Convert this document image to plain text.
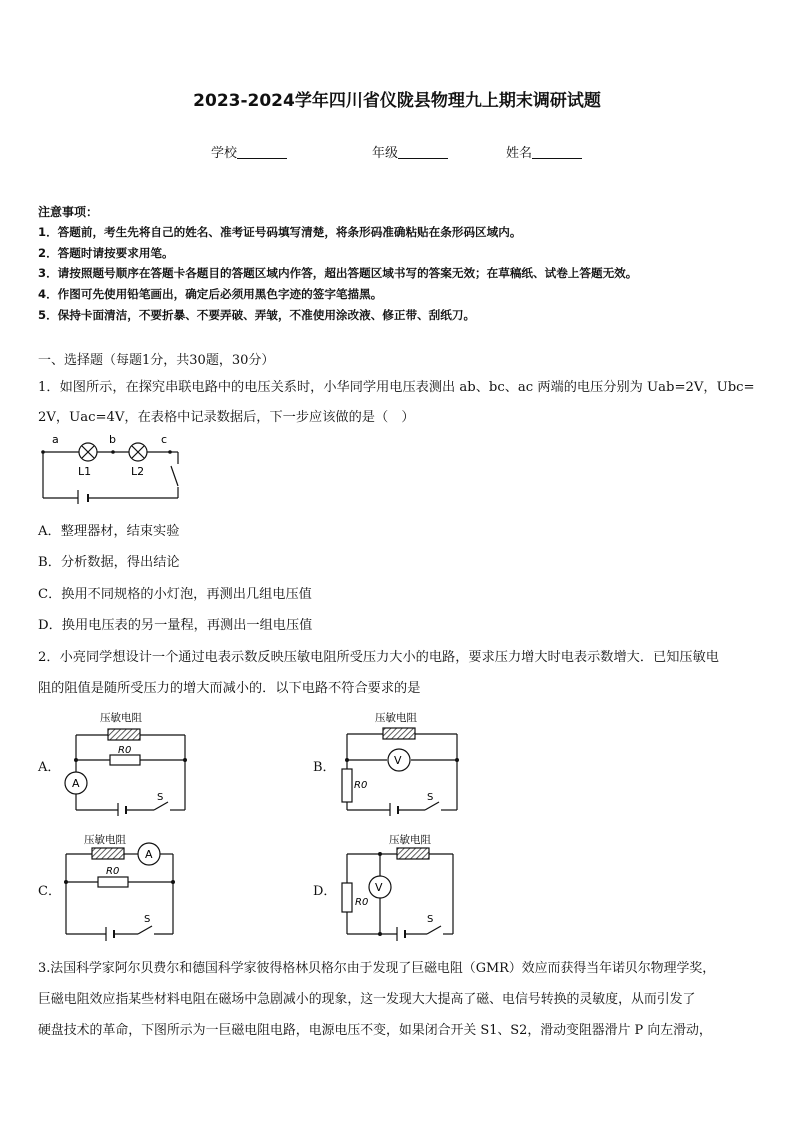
2023-2024学年四川省仪陇县物理九上期末调研试题
学校	年级	姓名
注意事项：
1．答题前，考生先将自己的姓名、准考证号码填写清楚，将条形码准确粘贴在条形码区域内。
2．答题时请按要求用笔。
3．请按照题号顺序在答题卡各题目的答题区域内作答，超出答题区域书写的答案无效；在草稿纸、试卷上答题无效。
4．作图可先使用铅笔画出，确定后必须用黑色字迹的签字笔描黑。
5．保持卡面清洁，不要折暴、不要弄破、弄皱，不准使用涂改液、修正带、刮纸刀。
一、选择题（每题1分，共30题，30分）
1．如图所示，在探究串联电路中的电压关系时，小华同学用电压表测出 ab、bc、ac 两端的电压分别为 Uab=2V，Ubc=
2V，Uac=4V，在表格中记录数据后，下一步应该做的是（　）
a	b	c
L1	L2
A．整理器材，结束实验
B．分析数据，得出结论
C．换用不同规格的小灯泡，再测出几组电压值
D．换用电压表的另一量程，再测出一组电压值
2．小亮同学想设计一个通过电表示数反映压敏电阻所受压力大小的电路，要求压力增大时电表示数增大．已知压敏电
阻的阻值是随所受压力的增大而减小的．以下电路不符合要求的是
A．	B．
C．	D．
压敏电阻
R0
A
S
压敏电阻
V
R0
S
压敏电阻
A
R0
S
压敏电阻
V
R0
S
3.法国科学家阿尔贝费尔和德国科学家彼得格林贝格尔由于发现了巨磁电阻（GMR）效应而获得当年诺贝尔物理学奖，
巨磁电阻效应指某些材料电阻在磁场中急剧减小的现象，这一发现大大提高了磁、电信号转换的灵敏度，从而引发了
硬盘技术的革命，下图所示为一巨磁电阻电路，电源电压不变，如果闭合开关 S1、S2，滑动变阻器滑片 P 向左滑动，
